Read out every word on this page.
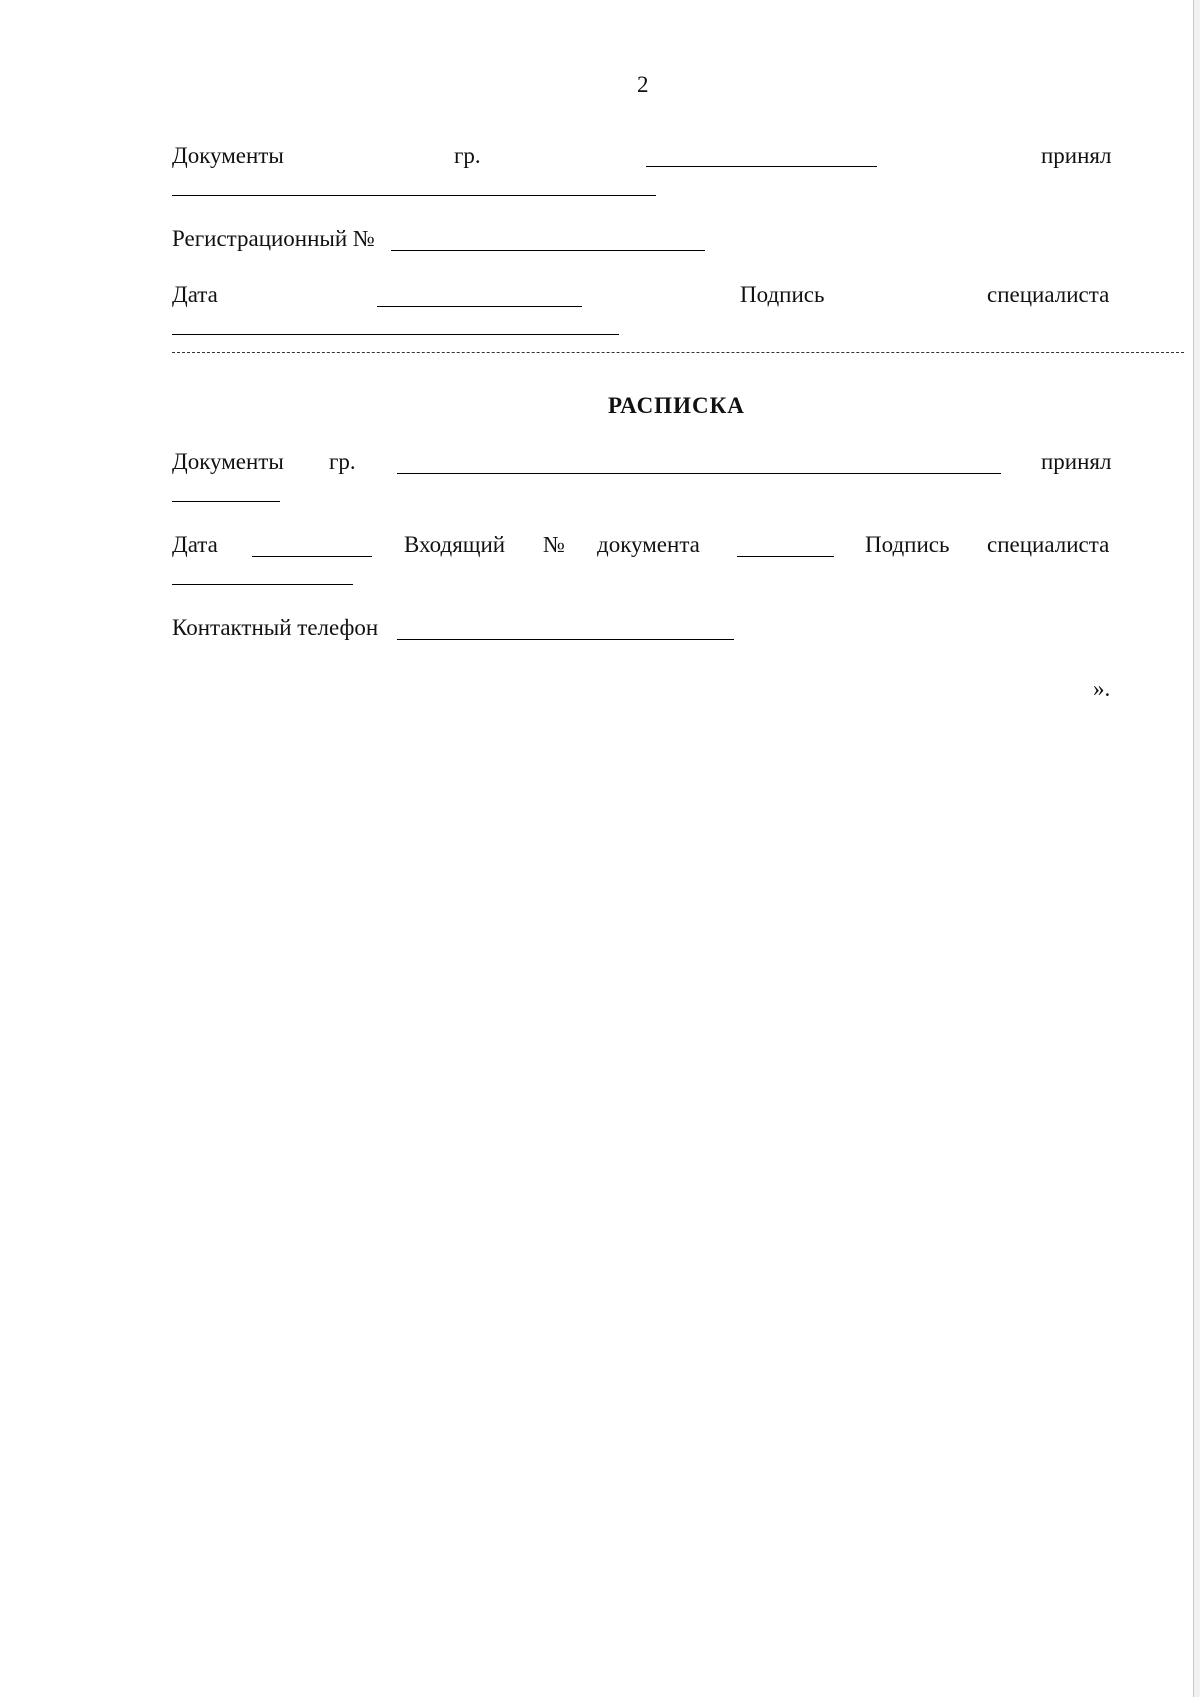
2
Документы	гр.	принял
Регистрационный №
Дата	Подпись	специалиста
РАСПИСКА
Документы гр.	принял
Дата	Входящий № документа	Подпись специалиста
Контактный телефон
».
